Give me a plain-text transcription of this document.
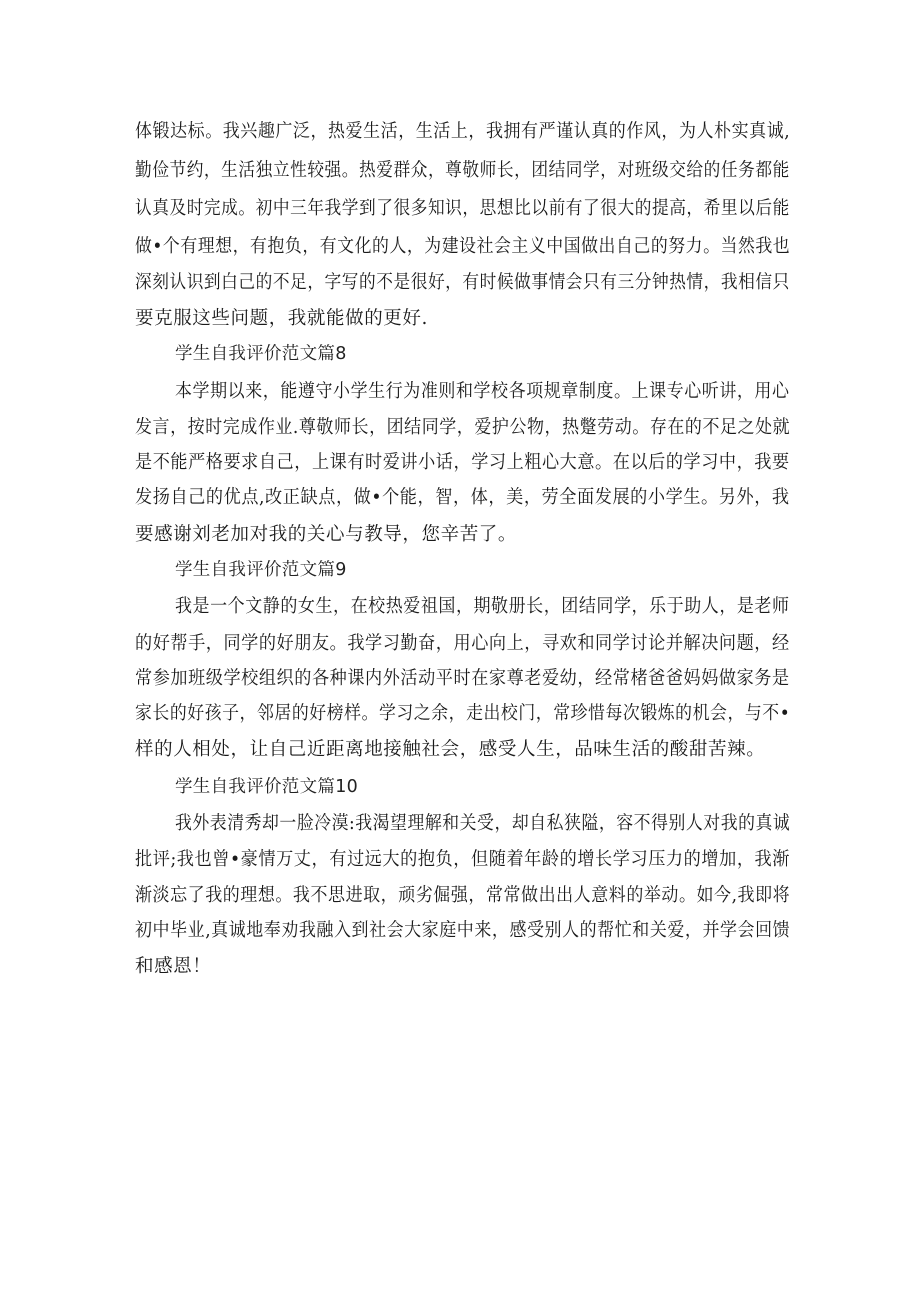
体锻达标。我兴趣广泛，热爱生活，生活上，我拥有严谨认真的作风，为人朴实真诚,
勤俭节约，生活独立性较强。热爱群众，尊敬师长，团结同学，对班级交给的任务都能
认真及时完成。初中三年我学到了很多知识，思想比以前有了很大的提高，希里以后能
做•个有理想，有抱负，有文化的人，为建设社会主义中国做出自己的努力。当然我也
深刻认识到白己的不足，字写的不是很好，有时候做事情会只有三分钟热情，我相信只
要克服这些问题，我就能做的更好.
学生自我评价范文篇8
本学期以来，能遵守小学生行为准则和学校各项规章制度。上课专心听讲，用心
发言，按时完成作业.尊敬师长，团结同学，爱护公物，热蹩劳动。存在的不足之处就
是不能严格要求自己，上课有时爱讲小话，学习上粗心大意。在以后的学习中，我要
发扬自己的优点,改正缺点，做•个能，智，体，美，劳全面发展的小学生。另外，我
要感谢刘老加对我的关心与教导，您辛苦了。
学生自我评价范文篇9
我是一个文静的女生，在校热爱祖国，期敬册长，团结同学，乐于助人，是老师
的好帮手，同学的好朋友。我学习勤奋，用心向上，寻欢和同学讨论并解决问题，经
常参加班级学校组织的各种课内外活动平时在家尊老爱幼，经常楮爸爸妈妈做家务是
家长的好孩子，邻居的好榜样。学习之余，走出校门，常珍惜每次锻炼的机会，与不•
样的人相处，让自己近距离地接触社会，感受人生，品味生活的酸甜苦辣。
学生自我评价范文篇10
我外表清秀却一脸冷漠:我渴望理解和关受，却自私狭隘，容不得别人对我的真诚
批评;我也曾•豪情万丈，有过远大的抱负，但随着年龄的增长学习压力的增加，我渐
渐淡忘了我的理想。我不思进取，顽劣倔强，常常做出出人意料的举动。如今,我即将
初中毕业,真诚地奉劝我融入到社会大家庭中来，感受别人的帮忙和关爱，并学会回馈
和感恩！
